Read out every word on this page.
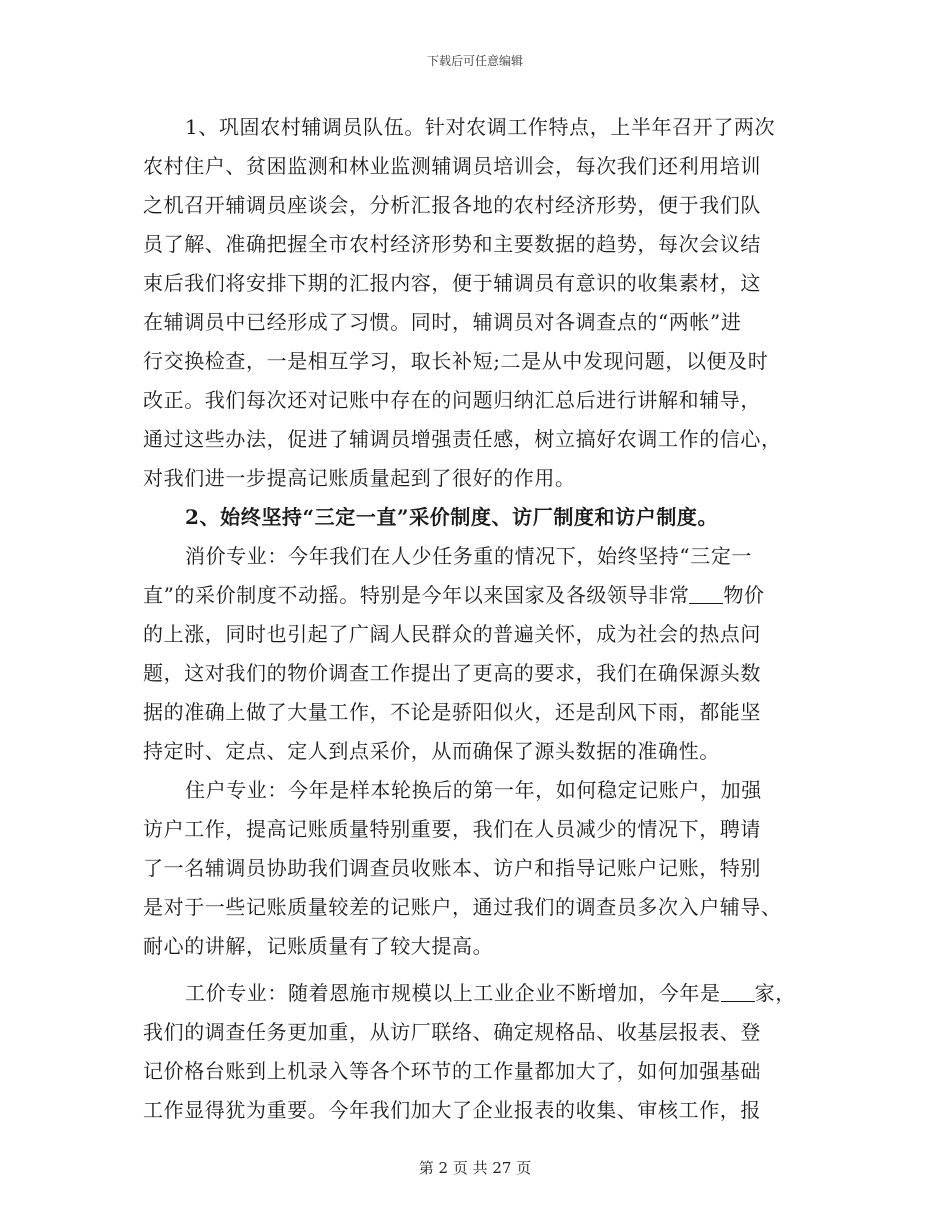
下载后可任意编辑
1、巩固农村辅调员队伍。针对农调工作特点，上半年召开了两次
农村住户、贫困监测和林业监测辅调员培训会，每次我们还利用培训
之机召开辅调员座谈会，分析汇报各地的农村经济形势，便于我们队
员了解、准确把握全市农村经济形势和主要数据的趋势，每次会议结
束后我们将安排下期的汇报内容，便于辅调员有意识的收集素材，这
在辅调员中已经形成了习惯。同时，辅调员对各调查点的“两帐”进
行交换检查，一是相互学习，取长补短;二是从中发现问题，以便及时
改正。我们每次还对记账中存在的问题归纳汇总后进行讲解和辅导，
通过这些办法，促进了辅调员增强责任感，树立搞好农调工作的信心，
对我们进一步提高记账质量起到了很好的作用。
2、始终坚持“三定一直”采价制度、访厂制度和访户制度。
消价专业：今年我们在人少任务重的情况下，始终坚持“三定一
直”的采价制度不动摇。特别是今年以来国家及各级领导非常 物价
的上涨，同时也引起了广阔人民群众的普遍关怀，成为社会的热点问
题，这对我们的物价调查工作提出了更高的要求，我们在确保源头数
据的准确上做了大量工作，不论是骄阳似火，还是刮风下雨，都能坚
持定时、定点、定人到点采价，从而确保了源头数据的准确性。
住户专业：今年是样本轮换后的第一年，如何稳定记账户，加强
访户工作，提高记账质量特别重要，我们在人员减少的情况下，聘请
了一名辅调员协助我们调查员收账本、访户和指导记账户记账，特别
是对于一些记账质量较差的记账户，通过我们的调查员多次入户辅导、
耐心的讲解，记账质量有了较大提高。
工价专业：随着恩施市规模以上工业企业不断增加，今年是 家，
我们的调查任务更加重，从访厂联络、确定规格品、收基层报表、登
记价格台账到上机录入等各个环节的工作量都加大了，如何加强基础
工作显得犹为重要。今年我们加大了企业报表的收集、审核工作，报
第 2 页 共 27 页
